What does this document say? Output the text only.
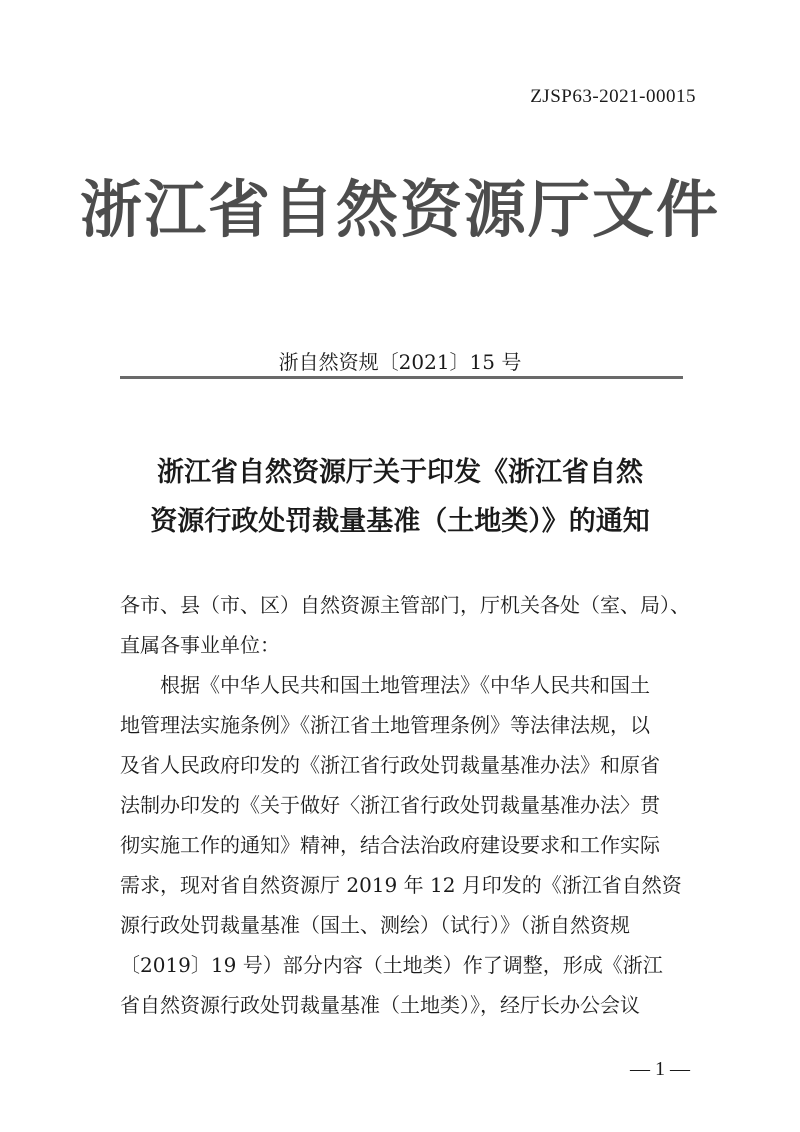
ZJSP63-2021-00015
浙江省自然资源厅文件
浙自然资规〔2021〕15 号
浙江省自然资源厅关于印发《浙江省自然
资源行政处罚裁量基准（土地类）》的通知
各市、县（市、区）自然资源主管部门，厅机关各处（室、局）、
直属各事业单位：
　　根据《中华人民共和国土地管理法》《中华人民共和国土
地管理法实施条例》《浙江省土地管理条例》等法律法规，以
及省人民政府印发的《浙江省行政处罚裁量基准办法》和原省
法制办印发的《关于做好〈浙江省行政处罚裁量基准办法〉贯
彻实施工作的通知》精神，结合法治政府建设要求和工作实际
需求，现对省自然资源厅 2019 年 12 月印发的《浙江省自然资
源行政处罚裁量基准（国土、测绘）（试行）》（浙自然资规
〔2019〕19 号）部分内容（土地类）作了调整，形成《浙江
省自然资源行政处罚裁量基准（土地类）》，经厅长办公会议
— 1 —
